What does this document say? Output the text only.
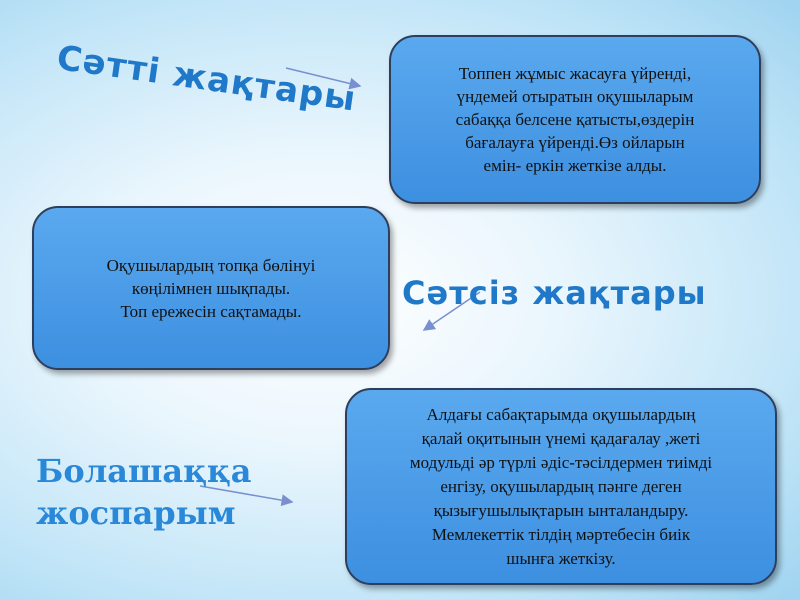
Сәтті жақтары	Топпен жұмыс жасауға үйренді,
үндемей отыратын оқушыларым
сабаққа белсене қатысты,өздерін
бағалауға үйренді.Өз ойларын
емін- еркін жеткізе алды.
Оқушылардың топқа бөлінуі
көңілімнен шықпады.
Топ ережесін сақтамады.	Сәтсіз жақтары
Алдағы сабақтарымда оқушылардың
қалай оқитынын үнемі қадағалау ,жеті
модульді әр түрлі әдіс-тәсілдермен тиімді
енгізу, оқушылардың пәнге деген
қызығушылықтарын ынталандыру.
Мемлекеттік тілдің мәртебесін биік
шынға жеткізу.
Болашаққа жоспарым
